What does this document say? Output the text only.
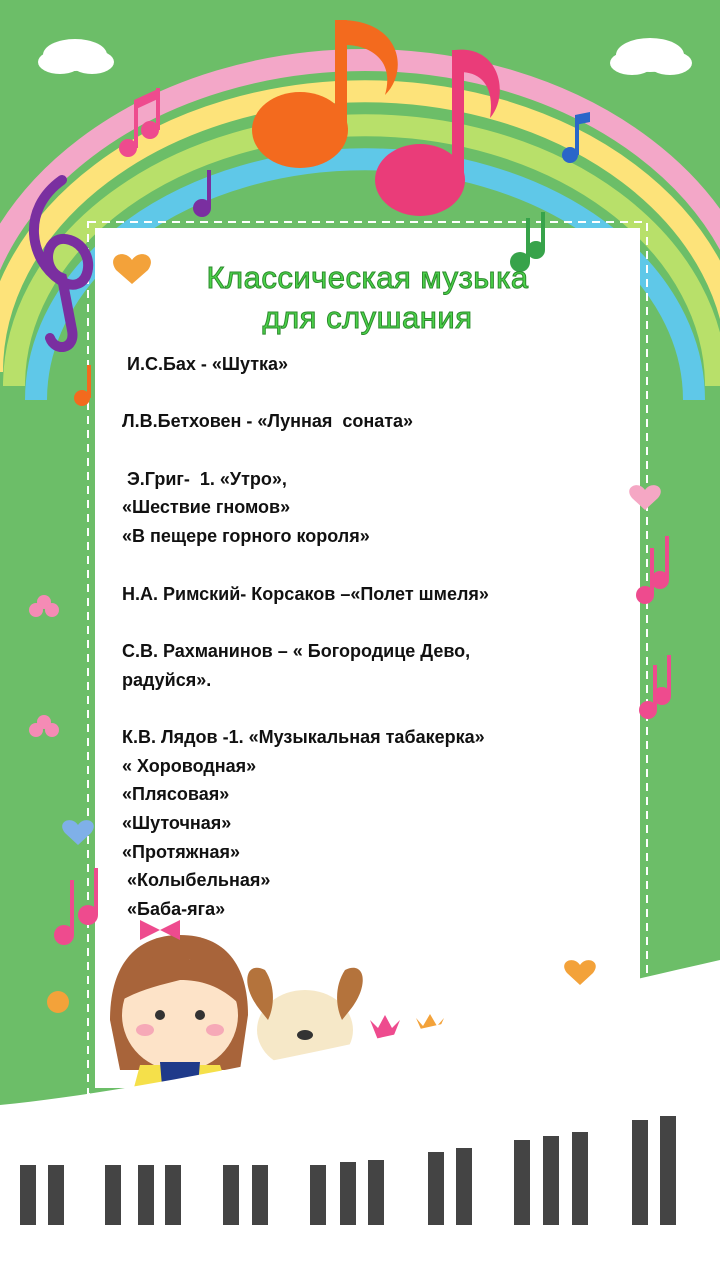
Классическая музыка
для слушания
И.С.Бах - «Шутка»
Л.В.Бетховен - «Лунная  соната»
Э.Григ-  1. «Утро»,
«Шествие гномов»
«В пещере горного короля»
Н.А. Римский- Корсаков –«Полет шмеля»
С.В. Рахманинов – « Богородице Дево,
радуйся».
К.В. Лядов -1. «Музыкальная табакерка»
« Хороводная»
«Плясовая»
«Шуточная»
«Протяжная»
«Колыбельная»
«Баба-яга»
